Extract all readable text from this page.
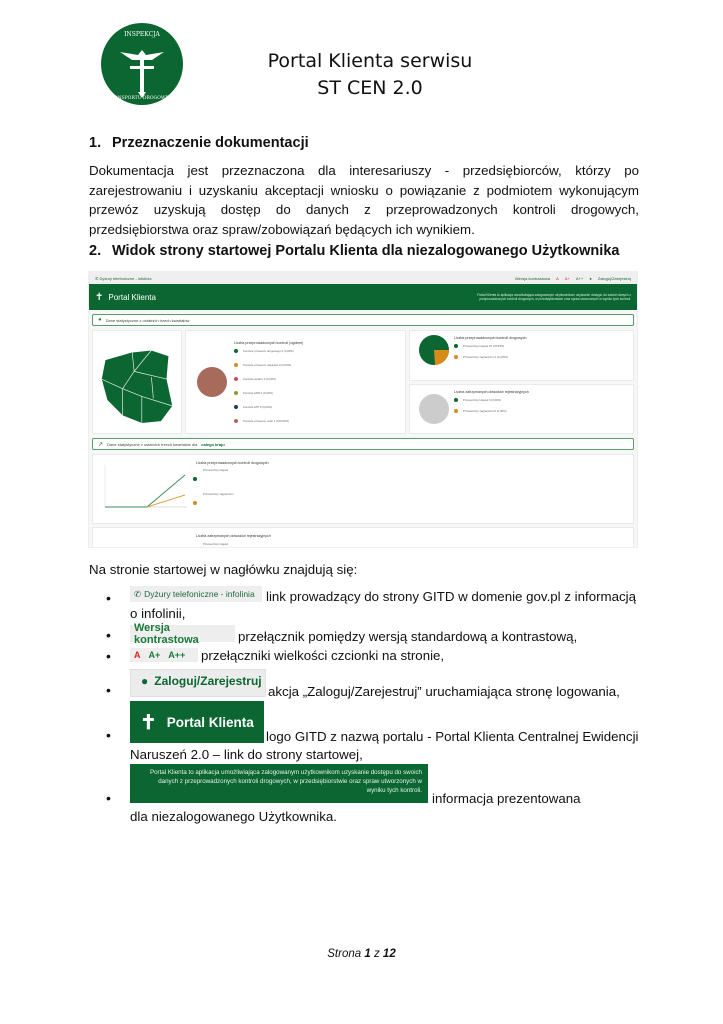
INSPEKCJA
TRANSPORTU DROGOWEGO
Portal Klienta serwisu
ST CEN 2.0
1. Przeznaczenie dokumentacji
Dokumentacja jest przeznaczona dla interesariuszy - przedsiębiorców, którzy po zarejestrowaniu i uzyskaniu akceptacji wniosku o powiązanie z podmiotem wykonującym przewóz uzyskują dostęp do danych z przeprowadzonych kontroli drogowych, przedsiębiorstwa oraz spraw/zobowiązań będących ich wynikiem.
2. Widok strony startowej Portalu Klienta dla niezalogowanego Użytkownika
✆ Dyżury telefoniczne - infolinia	Wersja kontrastowa A A+ A++ ● Zaloguj/Zarejestruj
✝ Portal Klienta	Portal Klienta to aplikacja umożliwiająca zalogowanym użytkownikom uzyskanie dostępu do swoich danych z przeprowadzonych kontroli drogowych, w przedsiębiorstwie oraz spraw utworzonych w wyniku tych kontroli.
◕ Dane statystyczne z ostatnich trzech kwartałów
Liczba przeprowadzonych kontroli (ogółem)
Kontrole przewozu drogowego 0 (0,00%)
Kontrole przewozu odpadów 0 (0,00%)
Kontrole analizy 0 (0,00%)
Kontrole ADR 0 (0,00%)
Kontrole ATP 0 (0,00%)
Kontrole przewozu osób 1 (100,00%)
Liczba przeprowadzonych kontroli drogowych
Przewoźnicy krajowi 15 (78,95%)
Przewoźnicy zagraniczni 4 (21,05%)
Liczba zatrzymanych dowodów rejestracyjnych
Przewoźnicy krajowi 0 (0,00%)
Przewoźnicy zagraniczni 0 (0,00%)
↗ Dane statystyczne z ostatnich trzech kwartałów dla całego kraju
Liczba przeprowadzonych kontroli drogowych
Przewoźnicy krajowi
Przewoźnicy zagraniczni
Liczba zatrzymanych dowodów rejestracyjnych
Przewoźnicy krajowi
Na stronie startowej w nagłówku znajdują się:
•	✆ Dyżury telefoniczne - infolinia link prowadzący do strony GITD w domenie gov.pl z informacją
o infolinii,
•	Wersja kontrastowa	przełącznik pomiędzy wersją standardową a kontrastową,
•	A A+ A++ przełączniki wielkości czcionki na stronie,
•
● Zaloguj/Zarejestruj
akcja „Zaloguj/Zarejestruj” uruchamiająca stronę logowania,
•
✝ Portal Klienta
logo GITD z nazwą portalu - Portal Klienta Centralnej Ewidencji
Naruszeń 2.0 – link do strony startowej,
•
Portal Klienta to aplikacja umożliwiająca zalogowanym użytkownikom uzyskanie dostępu do swoich danych z przeprowadzonych kontroli drogowych, w przedsiębiorstwie oraz spraw utworzonych w wyniku tych kontroli.
informacja prezentowana
dla niezalogowanego Użytkownika.
Strona 1 z 12
